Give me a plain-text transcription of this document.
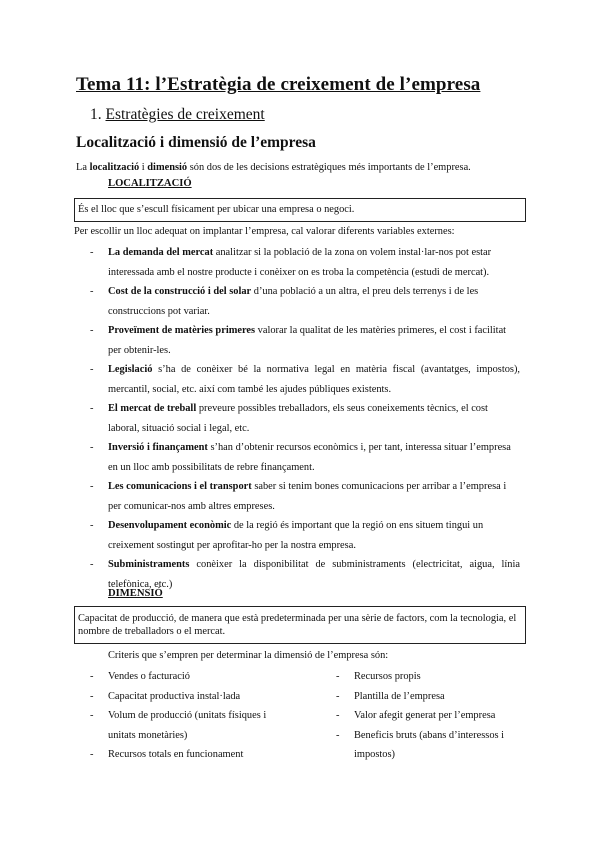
Tema 11: l’Estratègia de creixement de l’empresa
1. Estratègies de creixement
Localització i dimensió de l’empresa
La localització i dimensió són dos de les decisions estratègiques més importants de l’empresa.
LOCALITZACIÓ
És el lloc que s’escull físicament per ubicar una empresa o negoci.
Per escollir un lloc adequat on implantar l’empresa, cal valorar diferents variables externes:
- La demanda del mercat analitzar si la població de la zona on volem instal·lar-nos pot estar interessada amb el nostre producte i conèixer on es troba la competència (estudi de mercat).
- Cost de la construcció i del solar d’una població a un altra, el preu dels terrenys i de les construccions pot variar.
- Proveïment de matèries primeres valorar la qualitat de les matèries primeres, el cost i facilitat per obtenir-les.
- Legislació s’ha de conèixer bé la normativa legal en matèria fiscal (avantatges, impostos), mercantil, social, etc. així com també les ajudes públiques existents.
- El mercat de treball preveure possibles treballadors, els seus coneixements tècnics, el cost laboral, situació social i legal, etc.
- Inversió i finançament s’han d’obtenir recursos econòmics i, per tant, interessa situar l’empresa en un lloc amb possibilitats de rebre finançament.
- Les comunicacions i el transport saber si tenim bones comunicacions per arribar a l’empresa i per comunicar-nos amb altres empreses.
- Desenvolupament econòmic de la regió és important que la regió on ens situem tingui un creixement sostingut per aprofitar-ho per la nostra empresa.
- Subministraments conèixer la disponibilitat de subministraments (electricitat, aigua, línia telefònica, etc.)
DIMENSIÓ
Capacitat de producció, de manera que està predeterminada per una sèrie de factors, com la tecnologia, el nombre de treballadors o el mercat.
Criteris que s’empren per determinar la dimensió de l’empresa són:
- Vendes o facturació
- Capacitat productiva instal·lada
- Volum de producció (unitats físiques i unitats monetàries)
- Recursos totals en funcionament
- Recursos propis
- Plantilla de l’empresa
- Valor afegit generat per l’empresa
- Beneficis bruts (abans d’interessos i impostos)
